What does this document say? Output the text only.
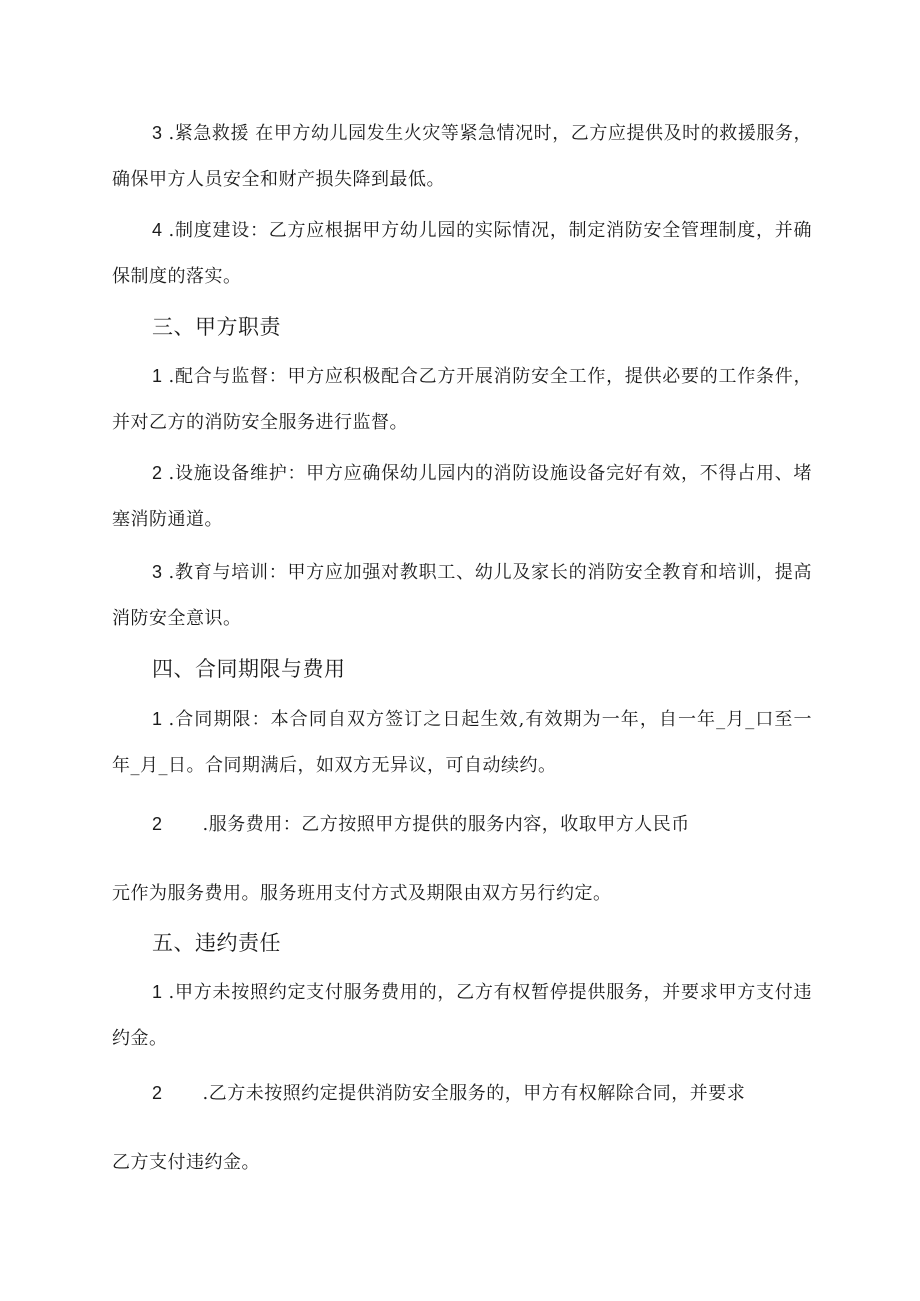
3 .紧急救援 在甲方幼儿园发生火灾等紧急情况时，乙方应提供及时的救援服务，
确保甲方人员安全和财产损失降到最低。
4 .制度建设：乙方应根据甲方幼儿园的实际情况，制定消防安全管理制度，并确
保制度的落实。
三、甲方职责
1 .配合与监督：甲方应积极配合乙方开展消防安全工作，提供必要的工作条件，
并对乙方的消防安全服务进行监督。
2 .设施设备维护：甲方应确保幼儿园内的消防设施设备完好有效，不得占用、堵
塞消防通道。
3 .教育与培训：甲方应加强对教职工、幼儿及家长的消防安全教育和培训，提高
消防安全意识。
四、合同期限与费用
1 .合同期限：本合同自双方签订之日起生效,有效期为一年，自一年_月_口至一
年_月_日。合同期满后，如双方无异议，可自动续约。
2 .服务费用：乙方按照甲方提供的服务内容，收取甲方人民币
元作为服务费用。服务班用支付方式及期限由双方另行约定。
五、违约责任
1 .甲方未按照约定支付服务费用的，乙方有权暂停提供服务，并要求甲方支付违
约金。
2 .乙方未按照约定提供消防安全服务的，甲方有权解除合同，并要求
乙方支付违约金。
